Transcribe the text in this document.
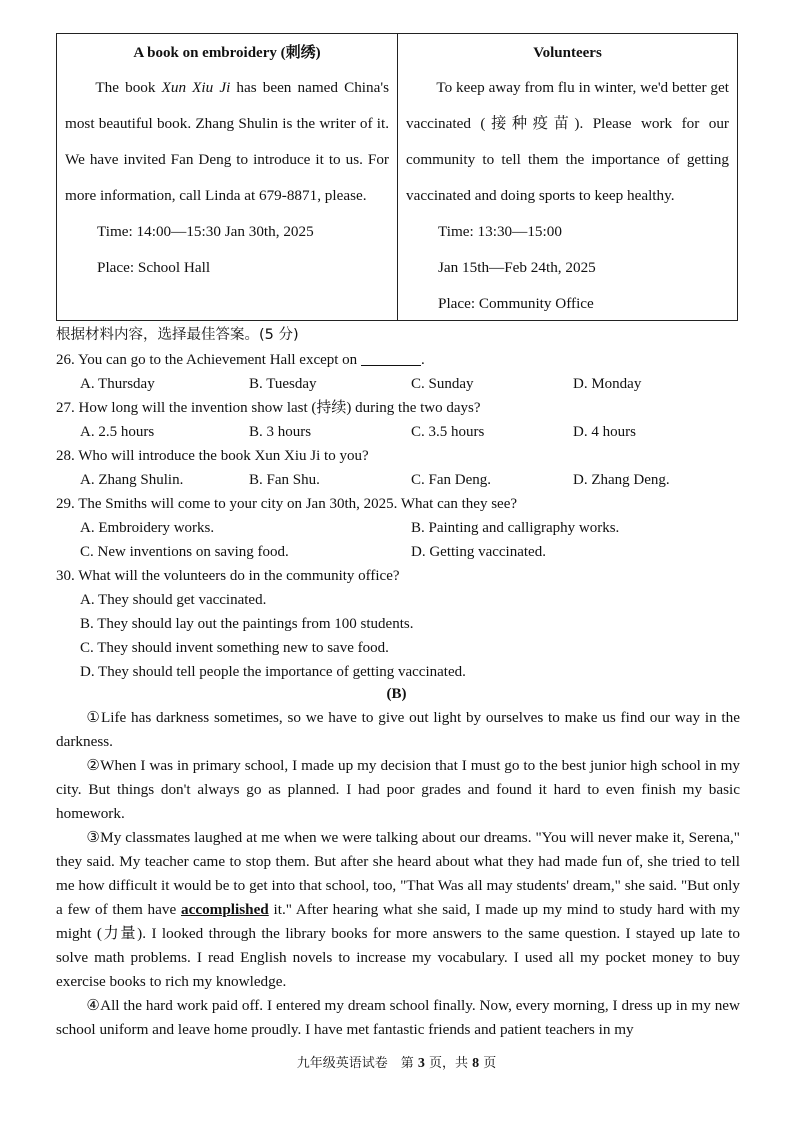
A book on embroidery (刺绣)
The book Xun Xiu Ji has been named China's most beautiful book. Zhang Shulin is the writer of it. We have invited Fan Deng to introduce it to us. For more information, call Linda at 679-8871, please.
Time: 14:00—15:30 Jan 30th, 2025
Place: School Hall
Volunteers
To keep away from flu in winter, we'd better get vaccinated (接种疫苗). Please work for our community to tell them the importance of getting vaccinated and doing sports to keep healthy.
Time: 13:30—15:00
Jan 15th—Feb 24th, 2025
Place: Community Office
根据材料内容，选择最佳答案。(5 分)
26. You can go to the Achievement Hall except on	.
A. Thursday	B. Tuesday	C. Sunday	D. Monday
27. How long will the invention show last (持续) during the two days?
A. 2.5 hours	B. 3 hours	C. 3.5 hours	D. 4 hours
28. Who will introduce the book Xun Xiu Ji to you?
A. Zhang Shulin.	B. Fan Shu.	C. Fan Deng.	D. Zhang Deng.
29. The Smiths will come to your city on Jan 30th, 2025. What can they see?
A. Embroidery works.	B. Painting and calligraphy works.
C. New inventions on saving food.	D. Getting vaccinated.
30. What will the volunteers do in the community office?
A. They should get vaccinated.
B. They should lay out the paintings from 100 students.
C. They should invent something new to save food.
D. They should tell people the importance of getting vaccinated.
(B)

①Life has darkness sometimes, so we have to give out light by ourselves to make us find our way in the darkness.

②When I was in primary school, I made up my decision that I must go to the best junior high school in my city. But things don't always go as planned. I had poor grades and found it hard to even finish my basic homework.

③My classmates laughed at me when we were talking about our dreams. "You will never make it, Serena," they said. My teacher came to stop them. But after she heard about what they had made fun of, she tried to tell me how difficult it would be to get into that school, too, "That Was all may students' dream," she said. "But only a few of them have accomplished it." After hearing what she said, I made up my mind to study hard with my might (力量). I looked through the library books for more answers to the same question. I stayed up late to solve math problems. I read English novels to increase my vocabulary. I used all my pocket money to buy exercise books to rich my knowledge.

④All the hard work paid off. I entered my dream school finally. Now, every morning, I dress up in my new school uniform and leave home proudly. I have met fantastic friends and patient teachers in my

九年级英语试卷　第 3 页，共 8 页
